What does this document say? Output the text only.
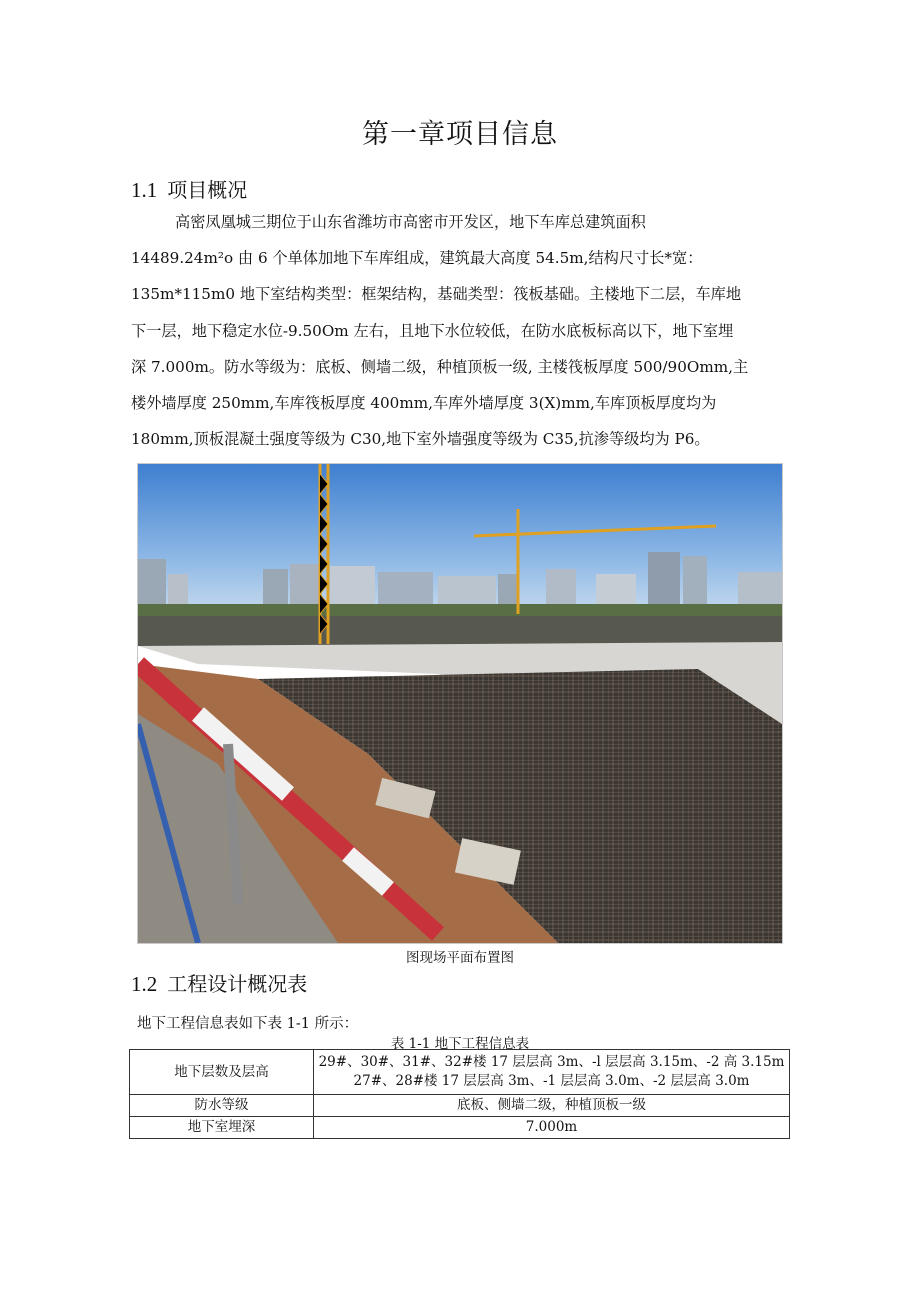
第一章项目信息
1.1 项目概况

高密凤凰城三期位于山东省潍坊市高密市开发区，地下车库总建筑面积
14489.24m²o 由 6 个单体加地下车库组成，建筑最大高度 54.5m,结构尺寸长*宽：
135m*115m0 地下室结构类型：框架结构，基础类型：筏板基础。主楼地下二层，车库地
下一层，地下稳定水位-9.50Om 左右，且地下水位较低，在防水底板标高以下，地下室埋
深 7.000m。防水等级为：底板、侧墙二级，种植顶板一级, 主楼筏板厚度 500/90Omm,主
楼外墙厚度 250mm,车库筏板厚度 400mm,车库外墙厚度 3(X)mm,车库顶板厚度均为
180mm,顶板混凝土强度等级为 C30,地下室外墙强度等级为 C35,抗渗等级均为 P6。

图现场平面布置图
1.2 工程设计概况表
地下工程信息表如下表 1-1 所示：
表 1-1 地下工程信息表
地下层数及层高	29#、30#、31#、32#楼 17 层层高 3m、-l 层层高 3.15m、-2 高 3.15m
27#、28#楼 17 层层高 3m、-1 层层高 3.0m、-2 层层高 3.0m

防水等级	底板、侧墙二级，种植顶板一级
地下室埋深	7.000m
